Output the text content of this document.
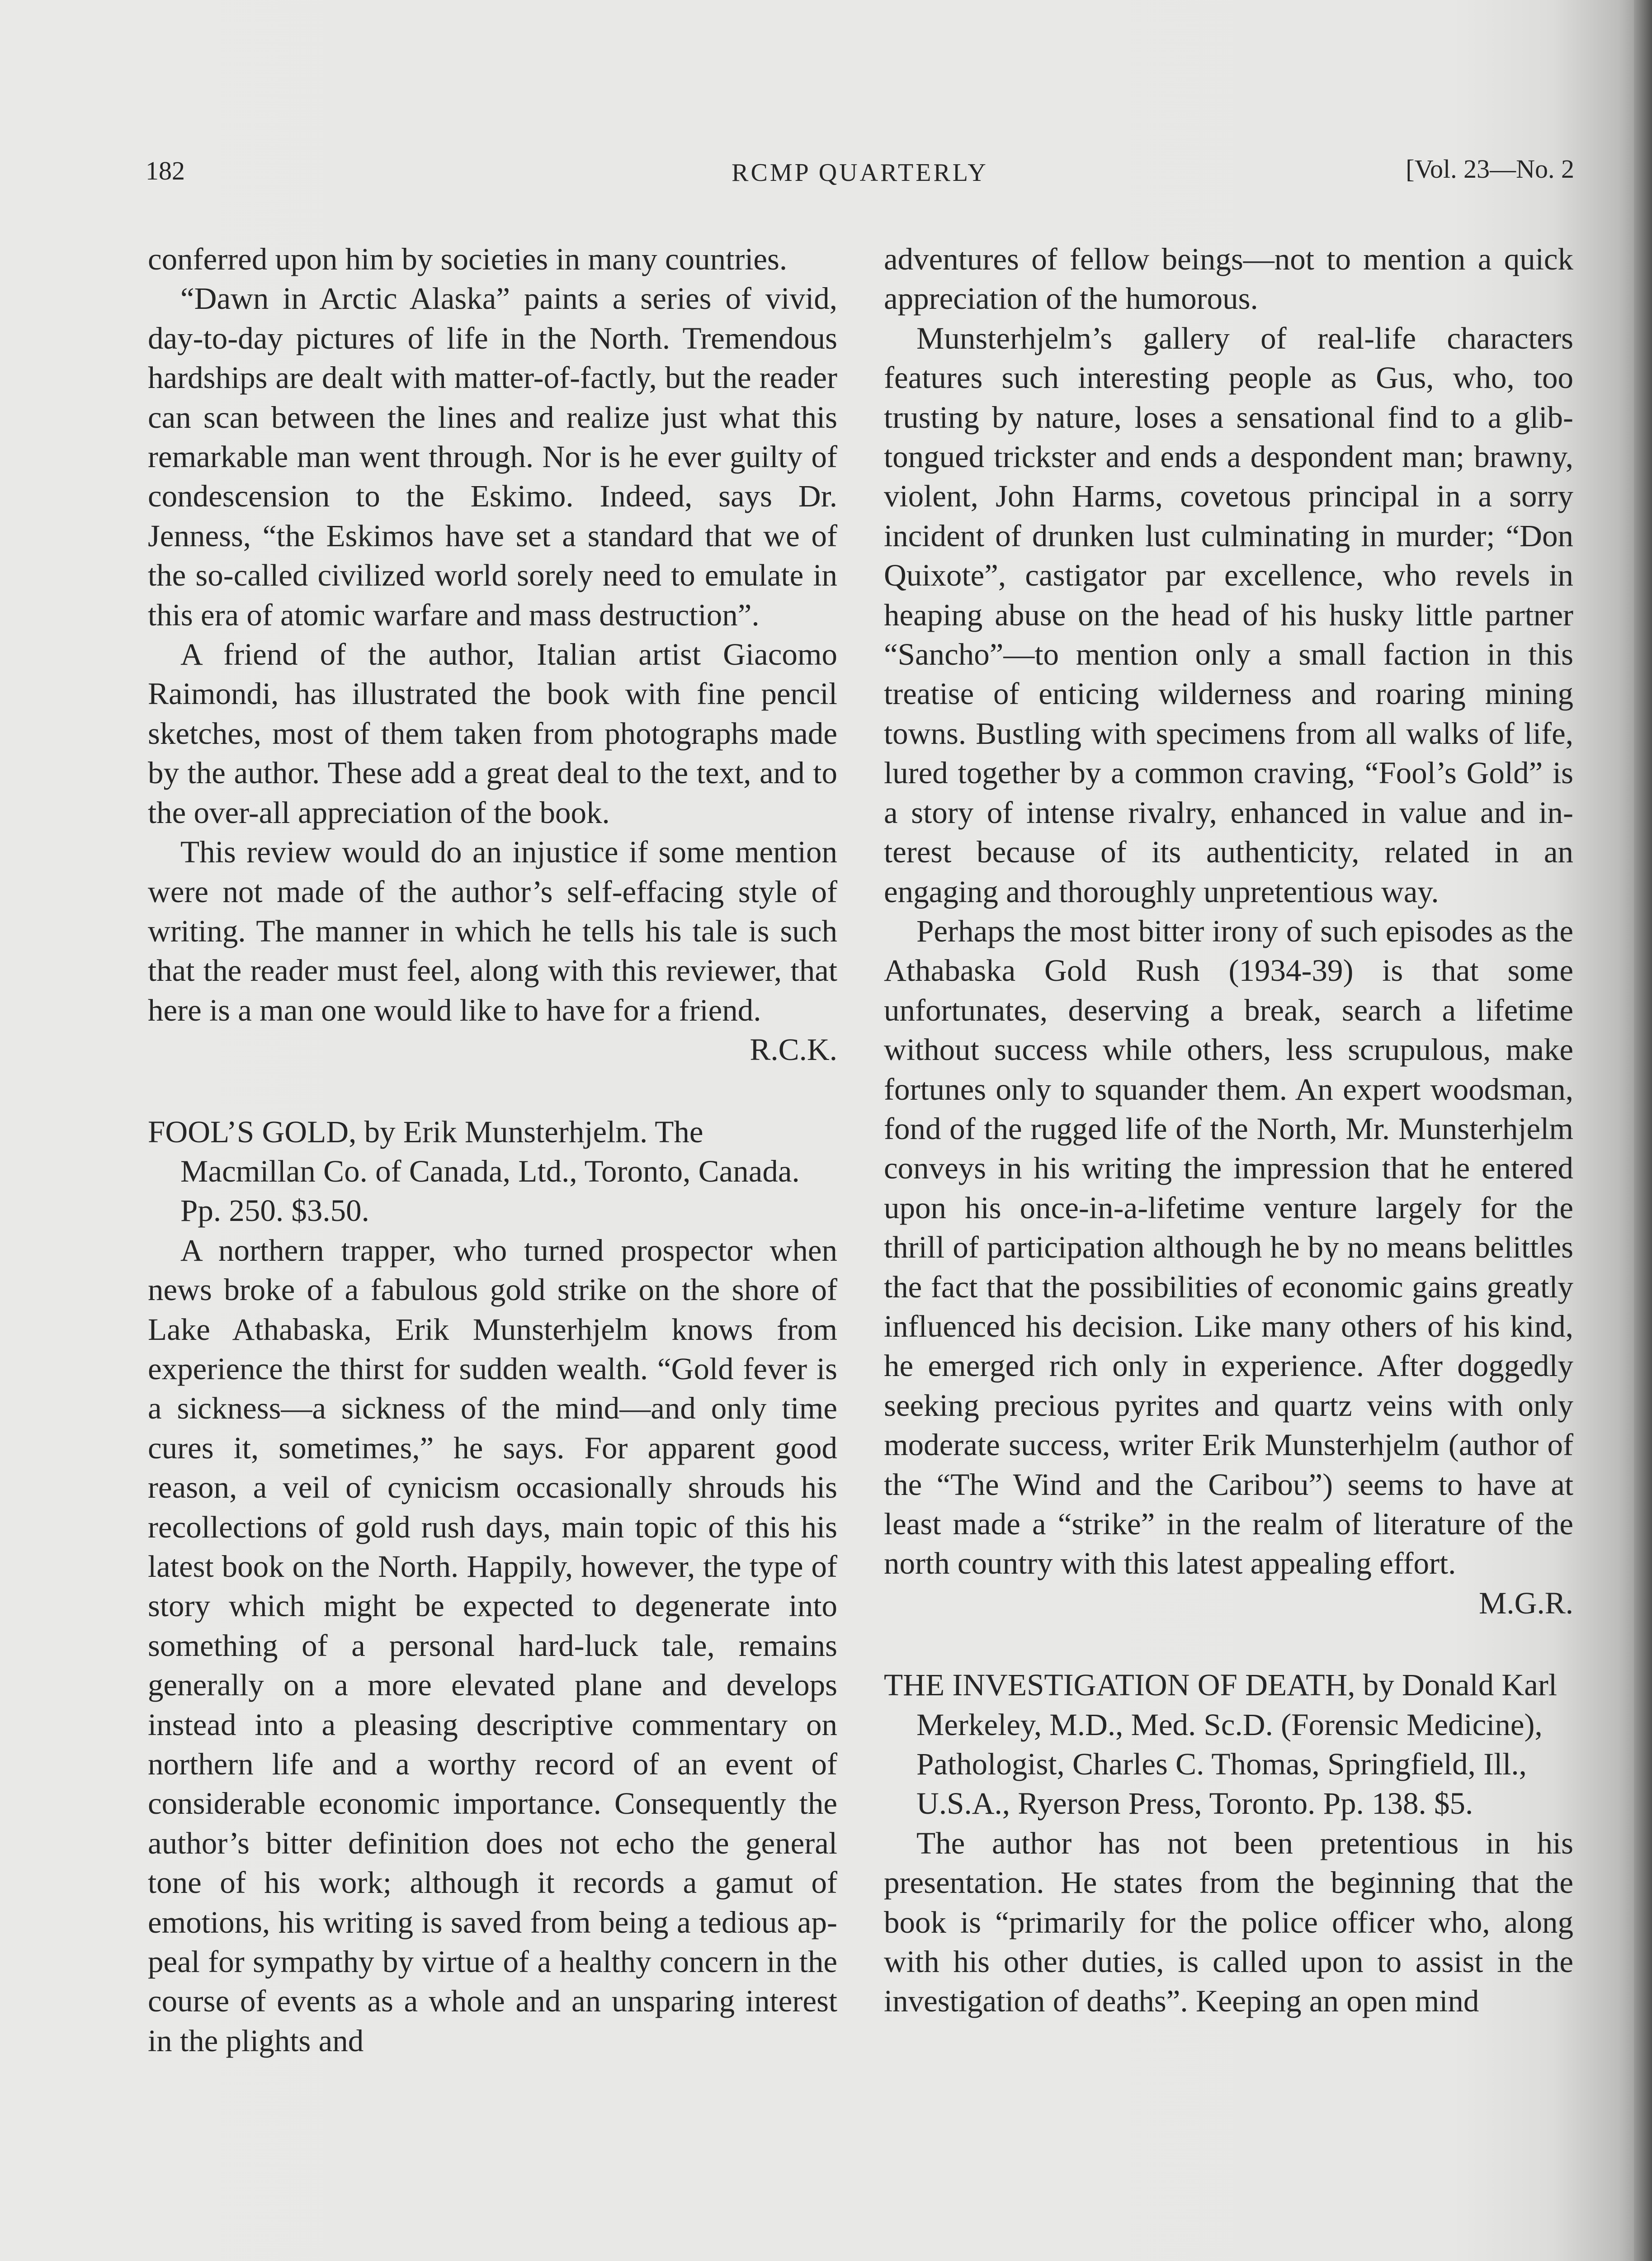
182	RCMP QUARTERLY	[Vol. 23—No. 2

conferred upon him by societies in many countries.

“Dawn in Arctic Alaska” paints a series of vivid, day-to-day pictures of life in the North. Tremendous hardships are dealt with matter-of-factly, but the reader can scan between the lines and realize just what this remarkable man went through. Nor is he ever guilty of condescension to the Eskimo. Indeed, says Dr. Jenness, “the Eskimos have set a standard that we of the so-called civilized world sorely need to emulate in this era of atomic warfare and mass destruction”.

A friend of the author, Italian artist Giacomo Raimondi, has illustrated the book with fine pencil sketches, most of them taken from photographs made by the author. These add a great deal to the text, and to the over-all appreciation of the book.

This review would do an injustice if some mention were not made of the author’s self-effacing style of writing. The manner in which he tells his tale is such that the reader must feel, along with this reviewer, that here is a man one would like to have for a friend.

R.C.K.

FOOL’S GOLD, by Erik Munsterhjelm. The Macmillan Co. of Canada, Ltd., Toronto, Canada. Pp. 250. $3.50.

A northern trapper, who turned prospector when news broke of a fabulous gold strike on the shore of Lake Athabaska, Erik Munsterhjelm knows from experience the thirst for sudden wealth. “Gold fever is a sickness—a sickness of the mind—and only time cures it, sometimes,” he says. For apparent good reason, a veil of cynicism occasionally shrouds his recollections of gold rush days, main topic of this his latest book on the North. Happily, however, the type of story which might be expected to degenerate into something of a personal hard-luck tale, remains generally on a more elevated plane and develops instead into a pleasing descriptive commentary on northern life and a worthy record of an event of considerable economic importance. Consequently the author’s bitter definition does not echo the general tone of his work; although it records a gamut of emotions, his writing is saved from being a tedious appeal for sympathy by virtue of a healthy concern in the course of events as a whole and an unsparing interest in the plights and

adventures of fellow beings—not to mention a quick appreciation of the humorous.

Munsterhjelm’s gallery of real-life characters features such interesting people as Gus, who, too trusting by nature, loses a sensational find to a glib-tongued trickster and ends a despondent man; brawny, violent, John Harms, covetous principal in a sorry incident of drunken lust culminating in murder; “Don Quixote”, castigator par excellence, who revels in heaping abuse on the head of his husky little partner “Sancho”—to mention only a small faction in this treatise of enticing wilderness and roaring mining towns. Bustling with specimens from all walks of life, lured together by a common craving, “Fool’s Gold” is a story of intense rivalry, enhanced in value and interest because of its authenticity, related in an engaging and thoroughly unpretentious way.

Perhaps the most bitter irony of such episodes as the Athabaska Gold Rush (1934-39) is that some unfortunates, deserving a break, search a lifetime without success while others, less scrupulous, make fortunes only to squander them. An expert woodsman, fond of the rugged life of the North, Mr. Munsterhjelm conveys in his writing the impression that he entered upon his once-in-a-lifetime venture largely for the thrill of participation although he by no means belittles the fact that the possibilities of economic gains greatly influenced his decision. Like many others of his kind, he emerged rich only in experience. After doggedly seeking precious pyrites and quartz veins with only moderate success, writer Erik Munsterhjelm (author of the “The Wind and the Caribou”) seems to have at least made a “strike” in the realm of literature of the north country with this latest appealing effort.

M.G.R.

THE INVESTIGATION OF DEATH, by Donald Karl Merkeley, M.D., Med. Sc.D. (Forensic Medicine), Pathologist, Charles C. Thomas, Springfield, Ill., U.S.A., Ryerson Press, Toronto. Pp. 138. $5.

The author has not been pretentious in his presentation. He states from the beginning that the book is “primarily for the police officer who, along with his other duties, is called upon to assist in the investigation of deaths”. Keeping an open mind
